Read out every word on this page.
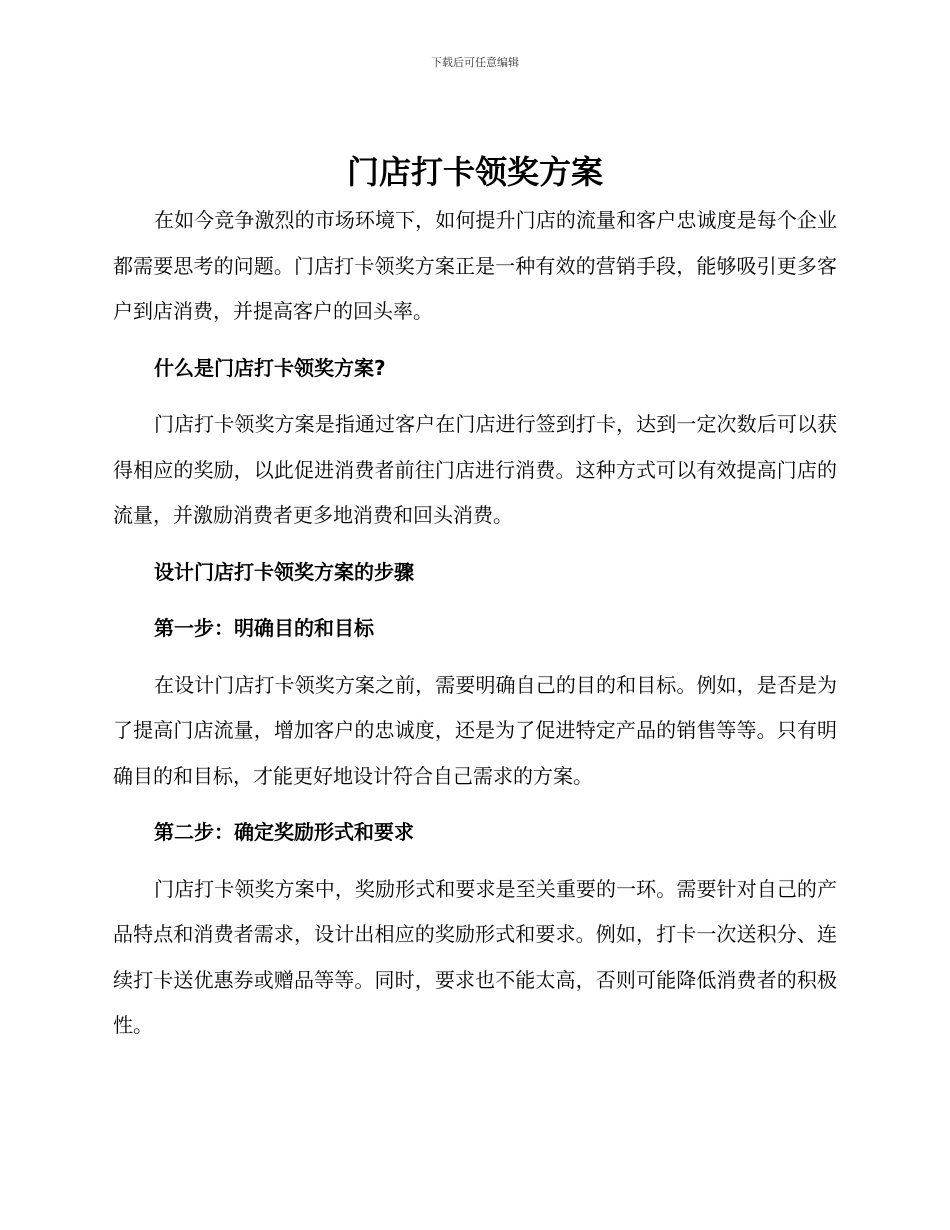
下载后可任意编辑
门店打卡领奖方案

在如今竞争激烈的市场环境下，如何提升门店的流量和客户忠诚度是每个企业都需要思考的问题。门店打卡领奖方案正是一种有效的营销手段，能够吸引更多客户到店消费，并提高客户的回头率。

什么是门店打卡领奖方案?

门店打卡领奖方案是指通过客户在门店进行签到打卡，达到一定次数后可以获得相应的奖励，以此促进消费者前往门店进行消费。这种方式可以有效提高门店的流量，并激励消费者更多地消费和回头消费。

设计门店打卡领奖方案的步骤

第一步：明确目的和目标

在设计门店打卡领奖方案之前，需要明确自己的目的和目标。例如，是否是为了提高门店流量，增加客户的忠诚度，还是为了促进特定产品的销售等等。只有明确目的和目标，才能更好地设计符合自己需求的方案。

第二步：确定奖励形式和要求

门店打卡领奖方案中，奖励形式和要求是至关重要的一环。需要针对自己的产品特点和消费者需求，设计出相应的奖励形式和要求。例如，打卡一次送积分、连续打卡送优惠券或赠品等等。同时，要求也不能太高，否则可能降低消费者的积极性。
